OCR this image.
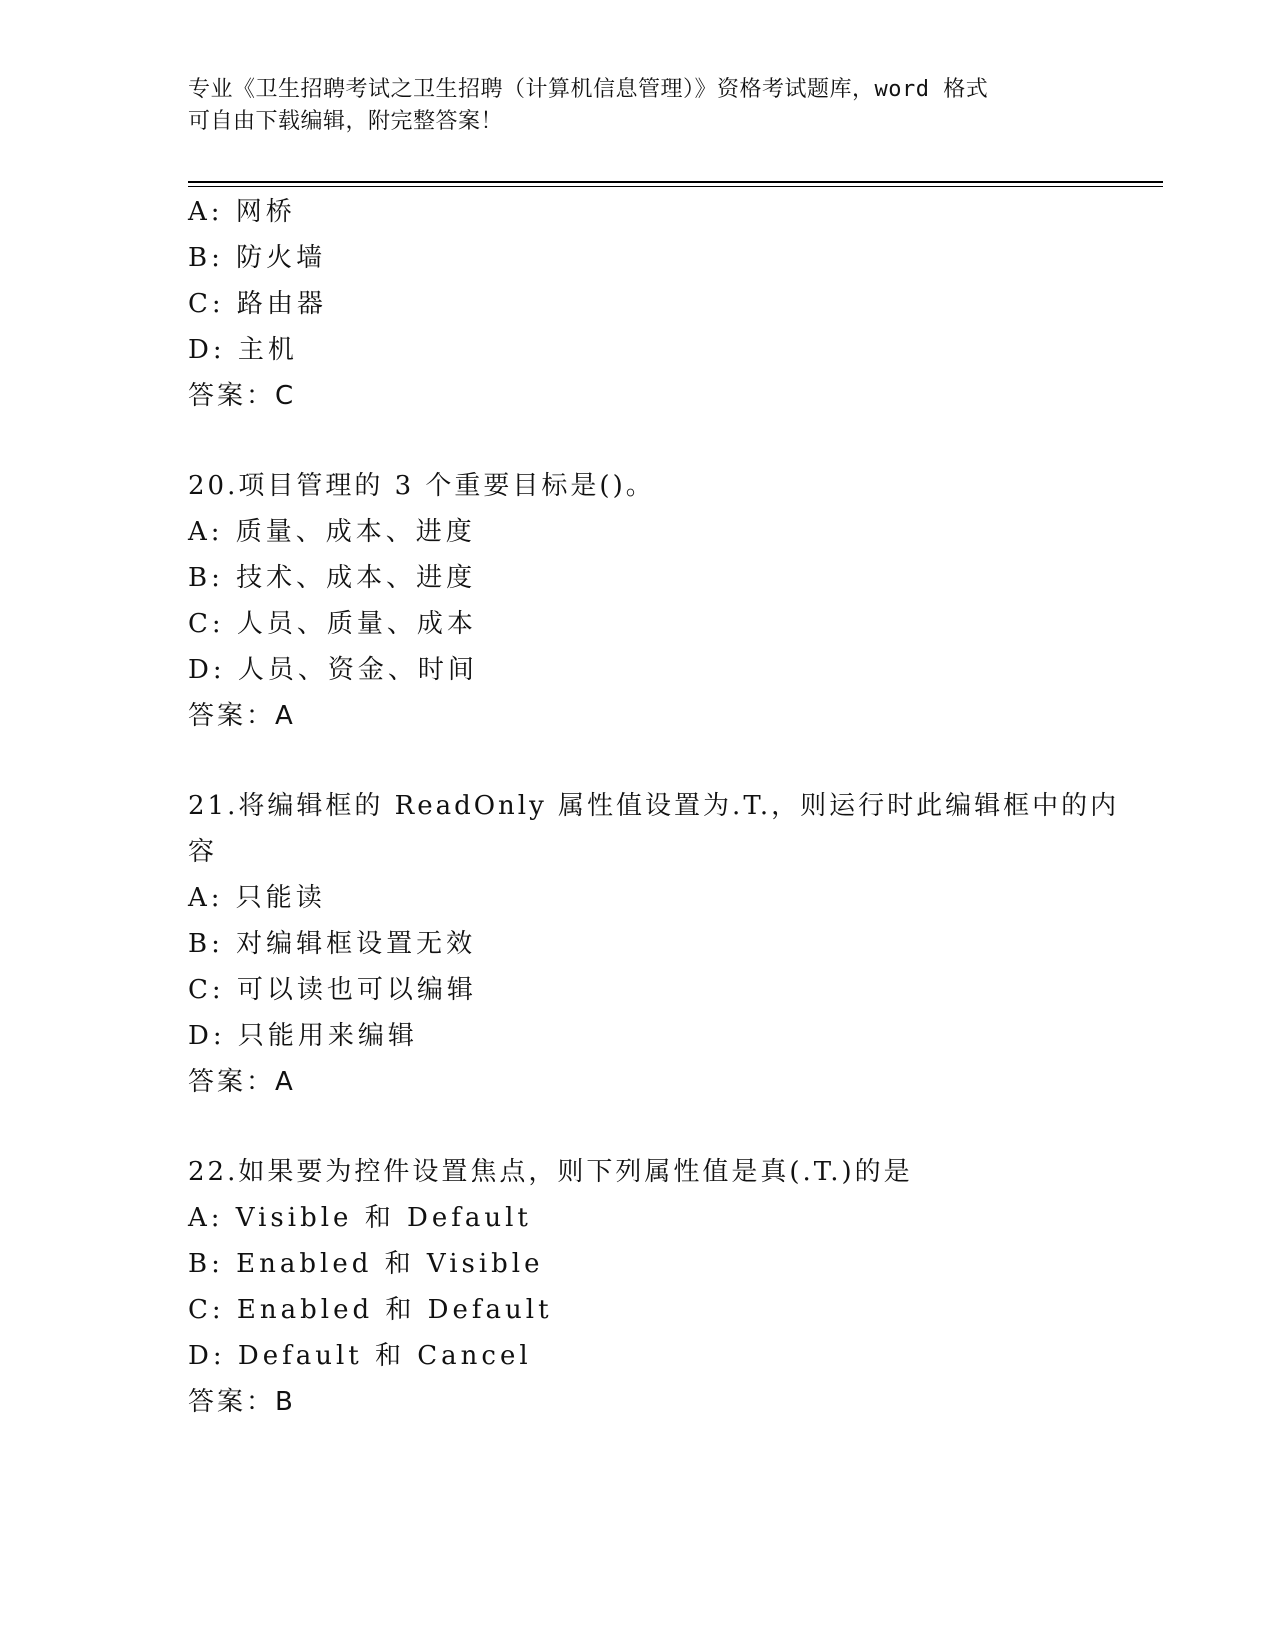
专业《卫生招聘考试之卫生招聘（计算机信息管理）》资格考试题库，word 格式
可自由下载编辑，附完整答案！
A: 网桥
B: 防火墙
C: 路由器
D: 主机
答案：C
20.项目管理的 3 个重要目标是()。
A: 质量、成本、进度
B: 技术、成本、进度
C: 人员、质量、成本
D: 人员、资金、时间
答案：A
21.将编辑框的 ReadOnly 属性值设置为.T.，则运行时此编辑框中的内
容
A: 只能读
B: 对编辑框设置无效
C: 可以读也可以编辑
D: 只能用来编辑
答案：A
22.如果要为控件设置焦点，则下列属性值是真(.T.)的是
A: Visible 和 Default
B: Enabled 和 Visible
C: Enabled 和 Default
D: Default 和 Cancel
答案：B
